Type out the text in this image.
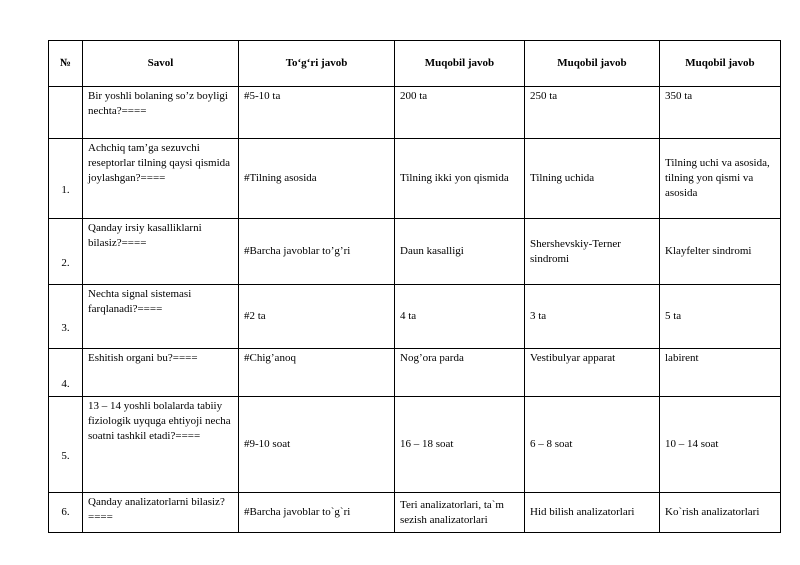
№	Savol	To‘g‘ri javob	Muqobil javob	Muqobil javob	Muqobil javob
	Bir yoshli bolaning so’z boyligi nechta?====	#5-10 ta	200 ta	250 ta	350 ta
1.	Achchiq tam’ga sezuvchi reseptorlar tilning qaysi qismida joylashgan?====	#Tilning asosida	Tilning ikki yon qismida	Tilning uchida	Tilning uchi va asosida, tilning yon qismi va asosida
2.	Qanday irsiy kasalliklarni bilasiz?====	#Barcha javoblar to’g’ri	Daun kasalligi	Shershevskiy-Terner sindromi	Klayfelter sindromi
3.	Nechta signal sistemasi farqlanadi?====	#2 ta	4 ta	3 ta	5 ta
4.	Eshitish organi bu?====	#Chig’anoq	Nog’ora parda	Vestibulyar apparat	labirent
5.	13 – 14 yoshli bolalarda tabiiy fiziologik uyquga ehtiyoji necha soatni tashkil etadi?====	#9-10 soat	16 – 18 soat	6 – 8 soat	10 – 14 soat
6.	Qanday analizatorlarni bilasiz?====	#Barcha javoblar to`g`ri	Teri analizatorlari, ta`m sezish analizatorlari	Hid bilish analizatorlari	Ko`rish analizatorlari
